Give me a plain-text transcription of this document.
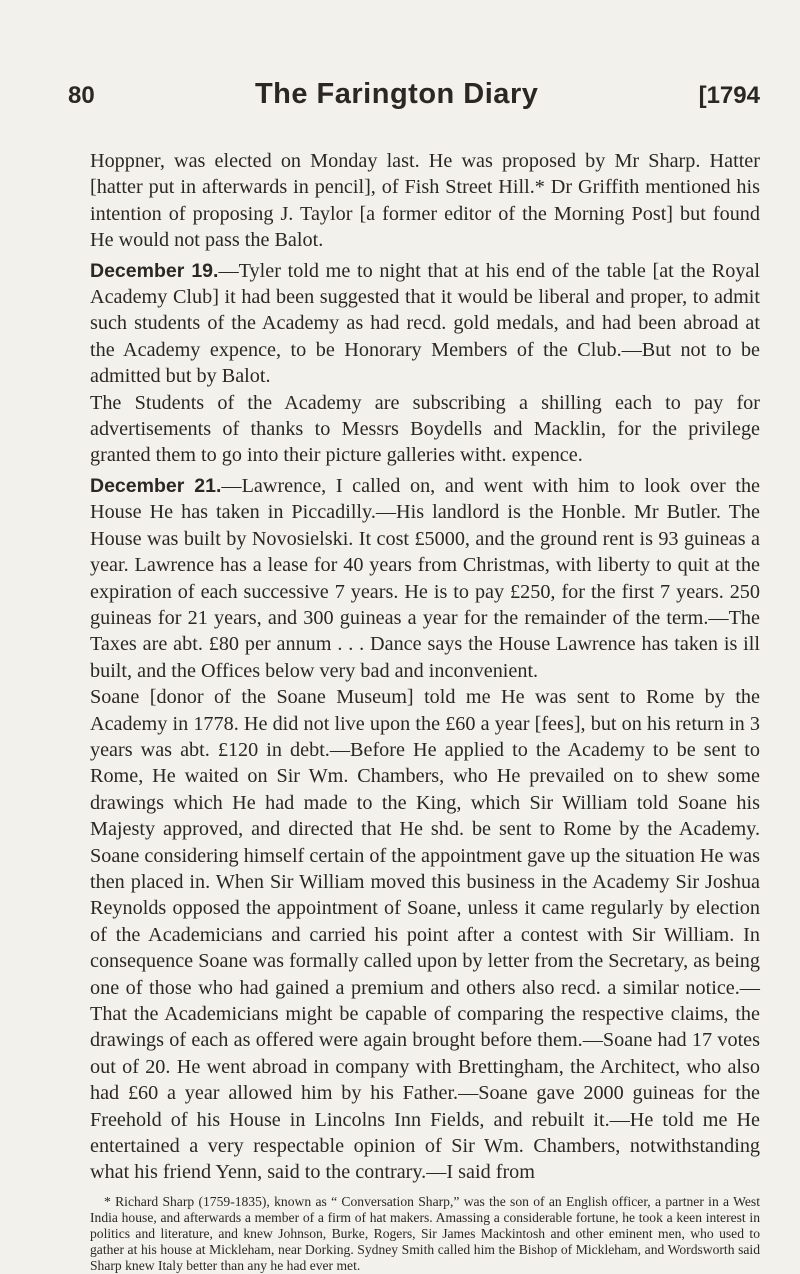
80	The Farington Diary	[1794

Hoppner, was elected on Monday last. He was proposed by Mr Sharp. Hatter [hatter put in afterwards in pencil], of Fish Street Hill.* Dr Griffith mentioned his intention of proposing J. Taylor [a former editor of the Morning Post] but found He would not pass the Balot.

December 19.—Tyler told me to night that at his end of the table [at the Royal Academy Club] it had been suggested that it would be liberal and proper, to admit such students of the Academy as had recd. gold medals, and had been abroad at the Academy expence, to be Honorary Members of the Club.—But not to be admitted but by Balot.

The Students of the Academy are subscribing a shilling each to pay for advertisements of thanks to Messrs Boydells and Macklin, for the privilege granted them to go into their picture galleries witht. expence.

December 21.—Lawrence, I called on, and went with him to look over the House He has taken in Piccadilly.—His landlord is the Honble. Mr Butler. The House was built by Novosielski. It cost £5000, and the ground rent is 93 guineas a year. Lawrence has a lease for 40 years from Christmas, with liberty to quit at the expiration of each successive 7 years. He is to pay £250, for the first 7 years. 250 guineas for 21 years, and 300 guineas a year for the remainder of the term.—The Taxes are abt. £80 per annum . . . Dance says the House Lawrence has taken is ill built, and the Offices below very bad and inconvenient.

Soane [donor of the Soane Museum] told me He was sent to Rome by the Academy in 1778. He did not live upon the £60 a year [fees], but on his return in 3 years was abt. £120 in debt.—Before He applied to the Academy to be sent to Rome, He waited on Sir Wm. Chambers, who He prevailed on to shew some drawings which He had made to the King, which Sir William told Soane his Majesty approved, and directed that He shd. be sent to Rome by the Academy. Soane considering himself certain of the appointment gave up the situation He was then placed in. When Sir William moved this business in the Academy Sir Joshua Reynolds opposed the appointment of Soane, unless it came regularly by election of the Academicians and carried his point after a contest with Sir William. In consequence Soane was formally called upon by letter from the Secretary, as being one of those who had gained a premium and others also recd. a similar notice.—That the Academicians might be capable of comparing the respective claims, the drawings of each as offered were again brought before them.—Soane had 17 votes out of 20. He went abroad in company with Brettingham, the Architect, who also had £60 a year allowed him by his Father.—Soane gave 2000 guineas for the Freehold of his House in Lincolns Inn Fields, and rebuilt it.—He told me He entertained a very respectable opinion of Sir Wm. Chambers, notwithstanding what his friend Yenn, said to the contrary.—I said from

* Richard Sharp (1759-1835), known as “ Conversation Sharp,” was the son of an English officer, a partner in a West India house, and afterwards a member of a firm of hat makers. Amassing a considerable fortune, he took a keen interest in politics and literature, and knew Johnson, Burke, Rogers, Sir James Mackintosh and other eminent men, who used to gather at his house at Mickleham, near Dorking. Sydney Smith called him the Bishop of Mickleham, and Wordsworth said Sharp knew Italy better than any he had ever met.
